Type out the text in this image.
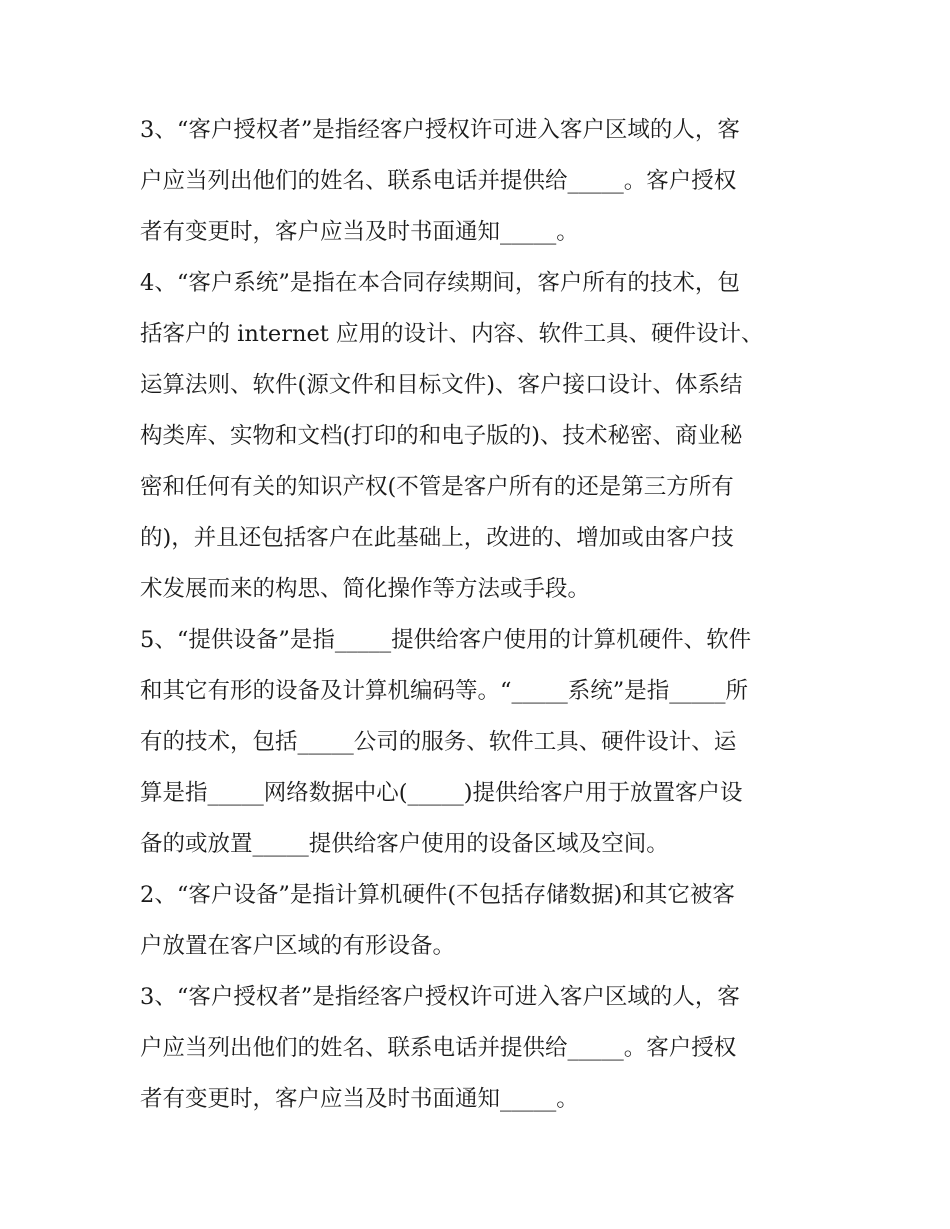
3、“客户授权者”是指经客户授权许可进入客户区域的人，客
户应当列出他们的姓名、联系电话并提供给_____。客户授权
者有变更时，客户应当及时书面通知_____。
4、“客户系统”是指在本合同存续期间，客户所有的技术，包
括客户的 internet 应用的设计、内容、软件工具、硬件设计、
运算法则、软件(源文件和目标文件)、客户接口设计、体系结
构类库、实物和文档(打印的和电子版的)、技术秘密、商业秘
密和任何有关的知识产权(不管是客户所有的还是第三方所有
的)，并且还包括客户在此基础上，改进的、增加或由客户技
术发展而来的构思、简化操作等方法或手段。
5、“提供设备”是指_____提供给客户使用的计算机硬件、软件
和其它有形的设备及计算机编码等。“_____系统”是指_____所
有的技术，包括_____公司的服务、软件工具、硬件设计、运
算是指_____网络数据中心(_____)提供给客户用于放置客户设
备的或放置_____提供给客户使用的设备区域及空间。
2、“客户设备”是指计算机硬件(不包括存储数据)和其它被客
户放置在客户区域的有形设备。
3、“客户授权者”是指经客户授权许可进入客户区域的人，客
户应当列出他们的姓名、联系电话并提供给_____。客户授权
者有变更时，客户应当及时书面通知_____。
